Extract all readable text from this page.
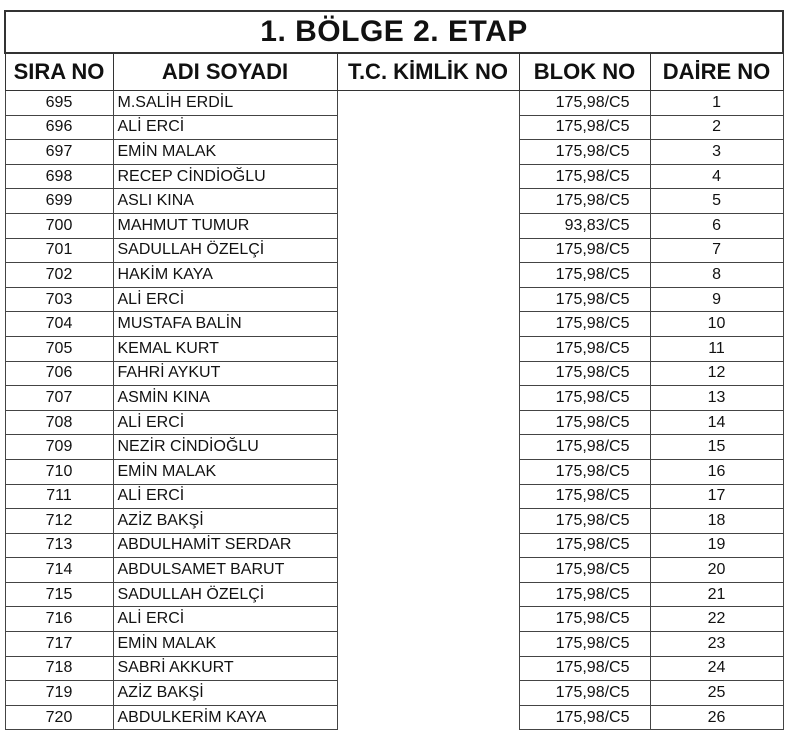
1. BÖLGE 2. ETAP				
SIRA NO	ADI SOYADI	T.C. KİMLİK NO	BLOK NO	DAİRE NO
695	M.SALİH ERDİL		175,98/C5	1
696	ALİ ERCİ		175,98/C5	2
697	EMİN MALAK		175,98/C5	3
698	RECEP CİNDİOĞLU		175,98/C5	4
699	ASLI KINA		175,98/C5	5
700	MAHMUT TUMUR		93,83/C5	6
701	SADULLAH ÖZELÇİ		175,98/C5	7
702	HAKİM KAYA		175,98/C5	8
703	ALİ ERCİ		175,98/C5	9
704	MUSTAFA BALİN		175,98/C5	10
705	KEMAL KURT		175,98/C5	11
706	FAHRİ AYKUT		175,98/C5	12
707	ASMİN KINA		175,98/C5	13
708	ALİ ERCİ		175,98/C5	14
709	NEZİR CİNDİOĞLU		175,98/C5	15
710	EMİN MALAK		175,98/C5	16
711	ALİ ERCİ		175,98/C5	17
712	AZİZ BAKŞİ		175,98/C5	18
713	ABDULHAMİT SERDAR		175,98/C5	19
714	ABDULSAMET BARUT		175,98/C5	20
715	SADULLAH ÖZELÇİ		175,98/C5	21
716	ALİ ERCİ		175,98/C5	22
717	EMİN MALAK		175,98/C5	23
718	SABRİ AKKURT		175,98/C5	24
719	AZİZ BAKŞİ		175,98/C5	25
720	ABDULKERİM KAYA		175,98/C5	26
